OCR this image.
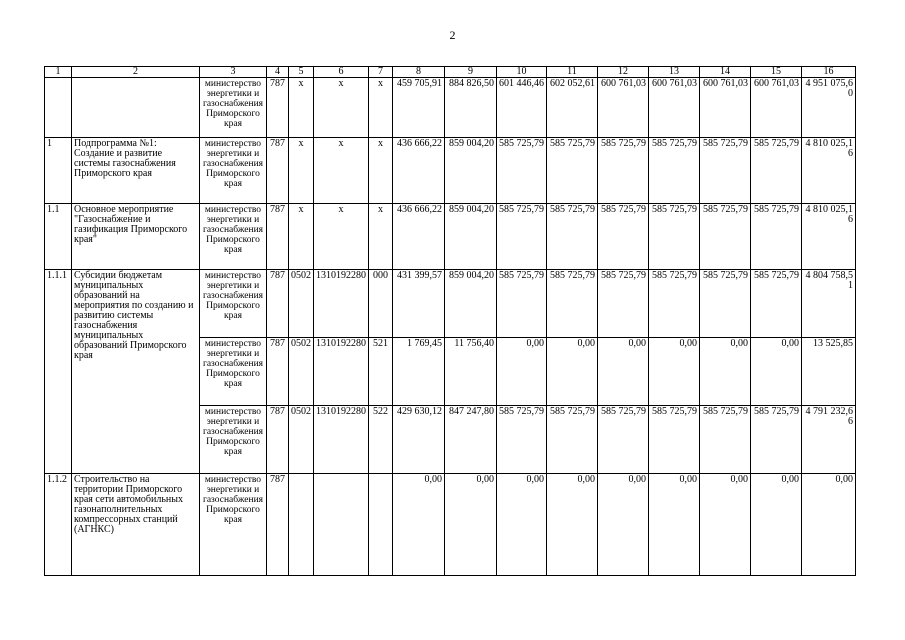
2
1	2	3	4	5	6	7	8	9	10	11	12	13	14	15	16
		министерство энергетики и газоснабжения Приморского края	787	x	x	x	459 705,91	884 826,50	601 446,46	602 052,61	600 761,03	600 761,03	600 761,03	600 761,03	4 951 075,60
1	Подпрограмма №1: Создание и развитие системы газоснабжения Приморского края	министерство энергетики и газоснабжения Приморского края	787	x	x	x	436 666,22	859 004,20	585 725,79	585 725,79	585 725,79	585 725,79	585 725,79	585 725,79	4 810 025,16
1.1	Основное мероприятие "Газоснабжение и газификация Приморского края"	министерство энергетики и газоснабжения Приморского края	787	x	x	x	436 666,22	859 004,20	585 725,79	585 725,79	585 725,79	585 725,79	585 725,79	585 725,79	4 810 025,16
1.1.1	Субсидии бюджетам муниципальных образований на мероприятия по созданию и развитию системы газоснабжения муниципальных образований Приморского края	министерство энергетики и газоснабжения Приморского края	787	0502	1310192280	000	431 399,57	859 004,20	585 725,79	585 725,79	585 725,79	585 725,79	585 725,79	585 725,79	4 804 758,51
		министерство энергетики и газоснабжения Приморского края	787	0502	1310192280	521	1 769,45	11 756,40	0,00	0,00	0,00	0,00	0,00	0,00	13 525,85
		министерство энергетики и газоснабжения Приморского края	787	0502	1310192280	522	429 630,12	847 247,80	585 725,79	585 725,79	585 725,79	585 725,79	585 725,79	585 725,79	4 791 232,66
1.1.2	Строительство на территории Приморского края сети автомобильных газонаполнительных компрессорных станций (АГНКС)	министерство энергетики и газоснабжения Приморского края	787				0,00	0,00	0,00	0,00	0,00	0,00	0,00	0,00	0,00
